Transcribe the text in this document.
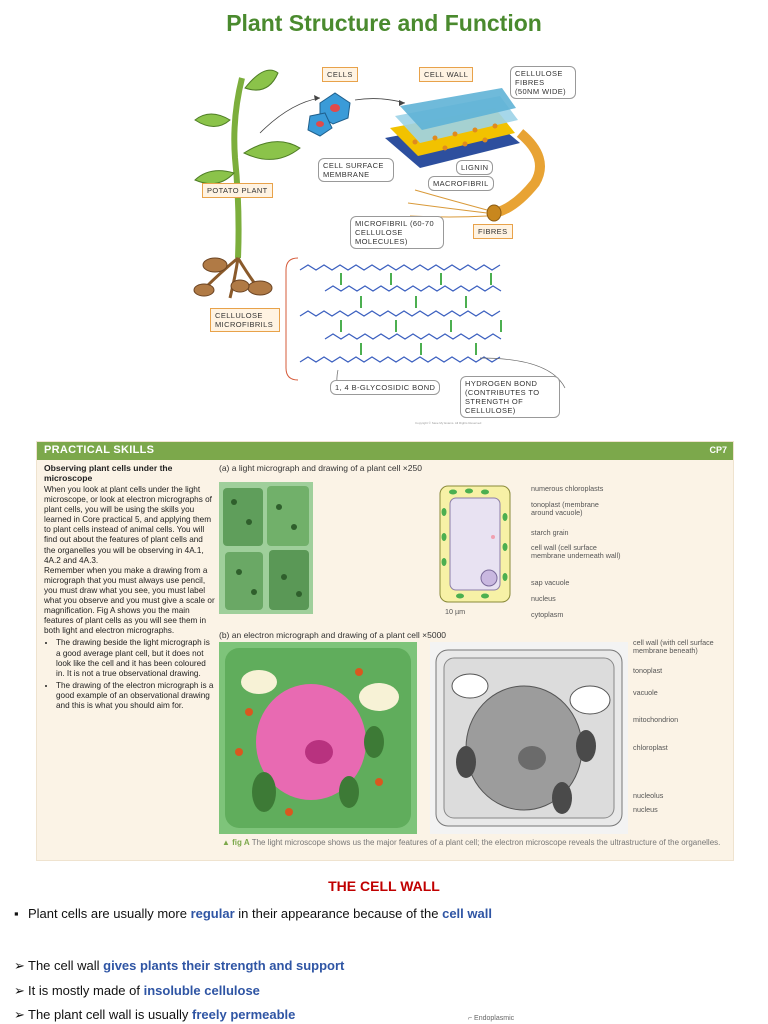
Plant Structure and Function
Copyright © Save My Exams. All Rights Reserved
CELLS	CELL WALL	CELLULOSE FIBRES (50NM WIDE)
CELL SURFACE MEMBRANE
LIGNIN
POTATO PLANT
MACROFIBRIL
MICROFIBRIL (60-70 CELLULOSE MOLECULES)
FIBRES
CELLULOSE MICROFIBRILS
1, 4 Β-GLYCOSIDIC BOND	HYDROGEN BOND (CONTRIBUTES TO STRENGTH OF CELLULOSE)
PRACTICAL SKILLS	CP7
Observing plant cells under the microscope

When you look at plant cells under the light microscope, or look at electron micrographs of plant cells, you will be using the skills you learned in Core practical 5, and applying them to plant cells instead of animal cells. You will find out about the features of plant cells and the organelles you will be observing in 4A.1, 4A.2 and 4A.3.

Remember when you make a drawing from a micrograph that you must always use pencil, you must draw what you see, you must label what you observe and you must give a scale or magnification. Fig A shows you the main features of plant cells as you will see them in both light and electron micrographs.

• The drawing beside the light micrograph is a good average plant cell, but it does not look like the cell and it has been coloured in. It is not a true observational drawing.
• The drawing of the electron micrograph is a good example of an observational drawing and this is what you should aim for.
(a) a light micrograph and drawing of a plant cell ×250
10 µm
numerous chloroplasts
tonoplast (membrane around vacuole)
starch grain
cell wall (cell surface membrane underneath wall)
sap vacuole
nucleus
cytoplasm
(b) an electron micrograph and drawing of a plant cell ×5000
cell wall (with cell surface membrane beneath)
tonoplast
vacuole
mitochondrion
chloroplast
nucleolus
nucleus
▲ fig A The light microscope shows us the major features of a plant cell; the electron microscope reveals the ultrastructure of the organelles.
THE CELL WALL
▪ Plant cells are usually more regular in their appearance because of the cell wall
➢ The cell wall gives plants their strength and support
➢ It is mostly made of insoluble cellulose
➢ The plant cell wall is usually freely permeable	⌐ Endoplasmic
